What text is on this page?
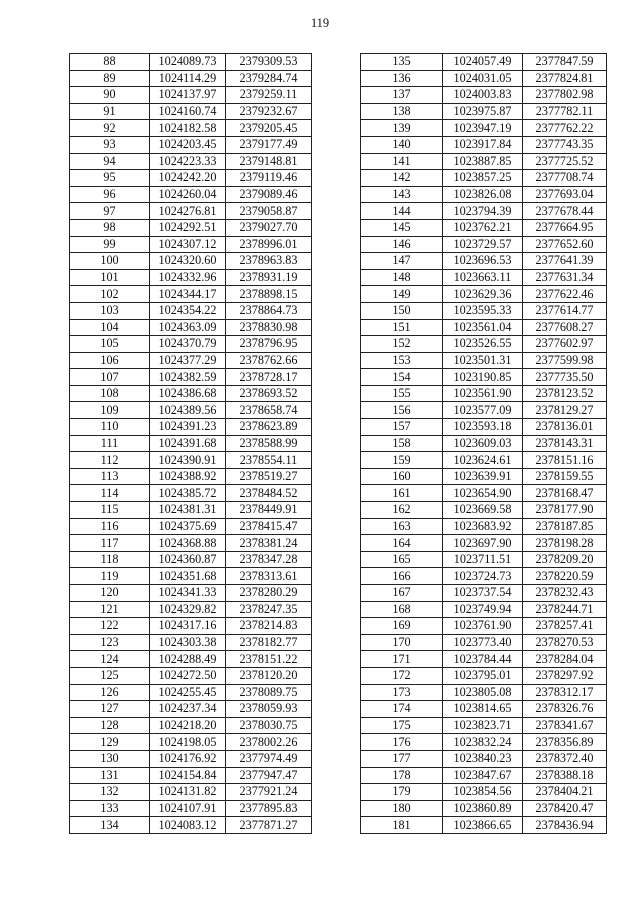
119
88	1024089.73	2379309.53
89	1024114.29	2379284.74
90	1024137.97	2379259.11
91	1024160.74	2379232.67
92	1024182.58	2379205.45
93	1024203.45	2379177.49
94	1024223.33	2379148.81
95	1024242.20	2379119.46
96	1024260.04	2379089.46
97	1024276.81	2379058.87
98	1024292.51	2379027.70
99	1024307.12	2378996.01
100	1024320.60	2378963.83
101	1024332.96	2378931.19
102	1024344.17	2378898.15
103	1024354.22	2378864.73
104	1024363.09	2378830.98
105	1024370.79	2378796.95
106	1024377.29	2378762.66
107	1024382.59	2378728.17
108	1024386.68	2378693.52
109	1024389.56	2378658.74
110	1024391.23	2378623.89
111	1024391.68	2378588.99
112	1024390.91	2378554.11
113	1024388.92	2378519.27
114	1024385.72	2378484.52
115	1024381.31	2378449.91
116	1024375.69	2378415.47
117	1024368.88	2378381.24
118	1024360.87	2378347.28
119	1024351.68	2378313.61
120	1024341.33	2378280.29
121	1024329.82	2378247.35
122	1024317.16	2378214.83
123	1024303.38	2378182.77
124	1024288.49	2378151.22
125	1024272.50	2378120.20
126	1024255.45	2378089.75
127	1024237.34	2378059.93
128	1024218.20	2378030.75
129	1024198.05	2378002.26
130	1024176.92	2377974.49
131	1024154.84	2377947.47
132	1024131.82	2377921.24
133	1024107.91	2377895.83
134	1024083.12	2377871.27
135	1024057.49	2377847.59
136	1024031.05	2377824.81
137	1024003.83	2377802.98
138	1023975.87	2377782.11
139	1023947.19	2377762.22
140	1023917.84	2377743.35
141	1023887.85	2377725.52
142	1023857.25	2377708.74
143	1023826.08	2377693.04
144	1023794.39	2377678.44
145	1023762.21	2377664.95
146	1023729.57	2377652.60
147	1023696.53	2377641.39
148	1023663.11	2377631.34
149	1023629.36	2377622.46
150	1023595.33	2377614.77
151	1023561.04	2377608.27
152	1023526.55	2377602.97
153	1023501.31	2377599.98
154	1023190.85	2377735.50
155	1023561.90	2378123.52
156	1023577.09	2378129.27
157	1023593.18	2378136.01
158	1023609.03	2378143.31
159	1023624.61	2378151.16
160	1023639.91	2378159.55
161	1023654.90	2378168.47
162	1023669.58	2378177.90
163	1023683.92	2378187.85
164	1023697.90	2378198.28
165	1023711.51	2378209.20
166	1023724.73	2378220.59
167	1023737.54	2378232.43
168	1023749.94	2378244.71
169	1023761.90	2378257.41
170	1023773.40	2378270.53
171	1023784.44	2378284.04
172	1023795.01	2378297.92
173	1023805.08	2378312.17
174	1023814.65	2378326.76
175	1023823.71	2378341.67
176	1023832.24	2378356.89
177	1023840.23	2378372.40
178	1023847.67	2378388.18
179	1023854.56	2378404.21
180	1023860.89	2378420.47
181	1023866.65	2378436.94
